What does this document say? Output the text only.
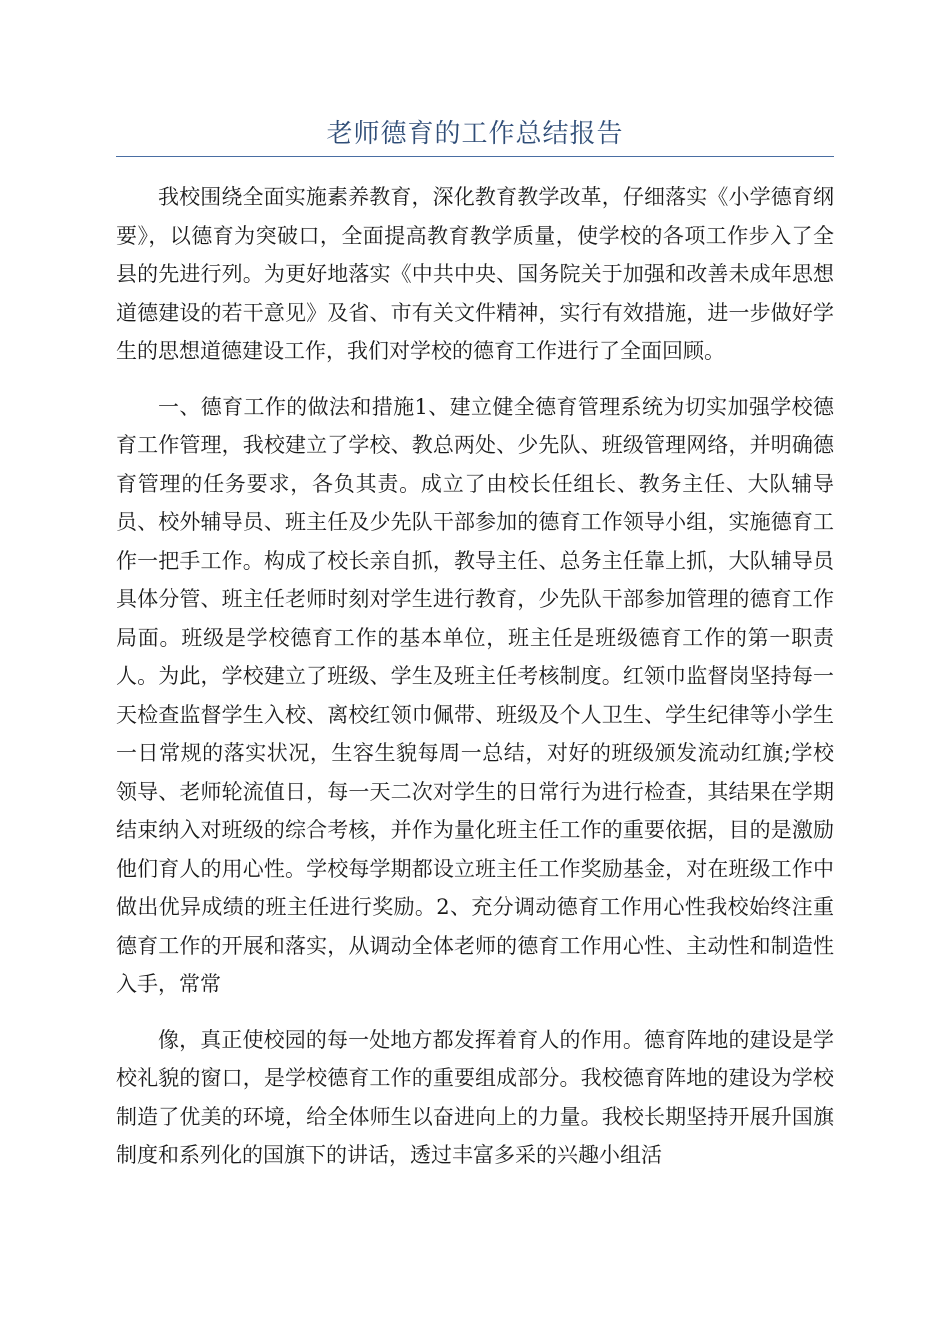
老师德育的工作总结报告

我校围绕全面实施素养教育，深化教育教学改革，仔细落实《小学德育纲要》，以德育为突破口，全面提高教育教学质量，使学校的各项工作步入了全县的先进行列。为更好地落实《中共中央、国务院关于加强和改善未成年思想道德建设的若干意见》及省、市有关文件精神，实行有效措施，进一步做好学生的思想道德建设工作，我们对学校的德育工作进行了全面回顾。

一、德育工作的做法和措施1、建立健全德育管理系统为切实加强学校德育工作管理，我校建立了学校、教总两处、少先队、班级管理网络，并明确德育管理的任务要求，各负其责。成立了由校长任组长、教务主任、大队辅导员、校外辅导员、班主任及少先队干部参加的德育工作领导小组，实施德育工作一把手工作。构成了校长亲自抓，教导主任、总务主任靠上抓，大队辅导员具体分管、班主任老师时刻对学生进行教育，少先队干部参加管理的德育工作局面。班级是学校德育工作的基本单位，班主任是班级德育工作的第一职责人。为此，学校建立了班级、学生及班主任考核制度。红领巾监督岗坚持每一天检查监督学生入校、离校红领巾佩带、班级及个人卫生、学生纪律等小学生一日常规的落实状况，生容生貌每周一总结，对好的班级颁发流动红旗;学校领导、老师轮流值日，每一天二次对学生的日常行为进行检查，其结果在学期结束纳入对班级的综合考核，并作为量化班主任工作的重要依据，目的是激励他们育人的用心性。学校每学期都设立班主任工作奖励基金，对在班级工作中做出优异成绩的班主任进行奖励。2、充分调动德育工作用心性我校始终注重德育工作的开展和落实，从调动全体老师的德育工作用心性、主动性和制造性入手，常常

像，真正使校园的每一处地方都发挥着育人的作用。德育阵地的建设是学校礼貌的窗口，是学校德育工作的重要组成部分。我校德育阵地的建设为学校制造了优美的环境，给全体师生以奋进向上的力量。我校长期坚持开展升国旗制度和系列化的国旗下的讲话，透过丰富多采的兴趣小组活
